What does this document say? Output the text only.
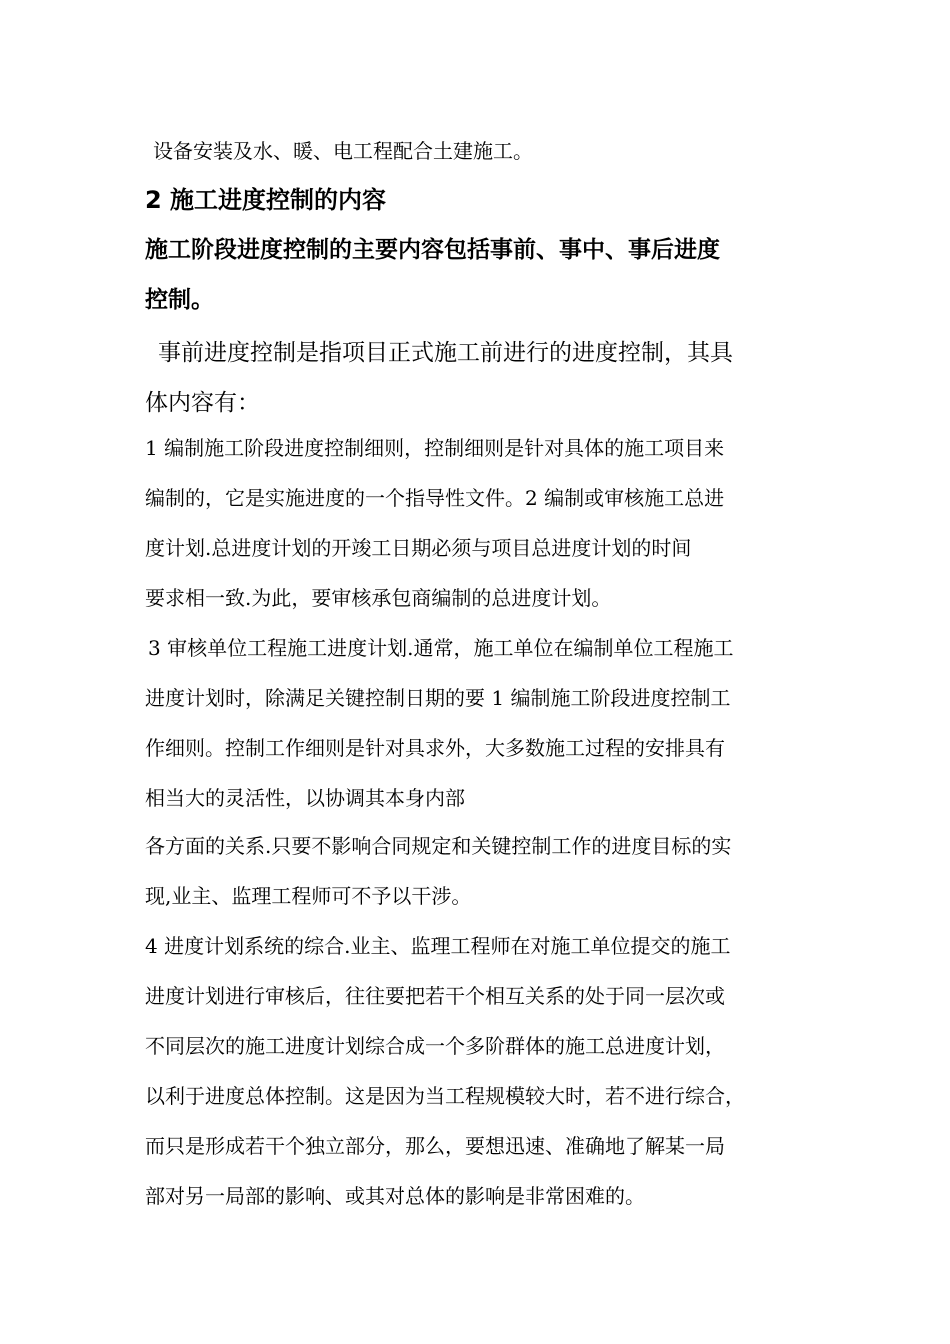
设备安装及水、暖、电工程配合土建施工。
2 施工进度控制的内容
施工阶段进度控制的主要内容包括事前、事中、事后进度
控制。
事前进度控制是指项目正式施工前进行的进度控制，其具
体内容有：
1 编制施工阶段进度控制细则，控制细则是针对具体的施工项目来
编制的，它是实施进度的一个指导性文件。2 编制或审核施工总进
度计划.总进度计划的开竣工日期必须与项目总进度计划的时间
要求相一致.为此，要审核承包商编制的总进度计划。
3 审核单位工程施工进度计划.通常，施工单位在编制单位工程施工
进度计划时，除满足关键控制日期的要 1 编制施工阶段进度控制工
作细则。控制工作细则是针对具求外，大多数施工过程的安排具有
相当大的灵活性，以协调其本身内部
各方面的关系.只要不影响合同规定和关键控制工作的进度目标的实
现,业主、监理工程师可不予以干涉。
4 进度计划系统的综合.业主、监理工程师在对施工单位提交的施工
进度计划进行审核后，往往要把若干个相互关系的处于同一层次或
不同层次的施工进度计划综合成一个多阶群体的施工总进度计划，
以利于进度总体控制。这是因为当工程规模较大时，若不进行综合，
而只是形成若干个独立部分，那么，要想迅速、准确地了解某一局
部对另一局部的影响、或其对总体的影响是非常困难的。
